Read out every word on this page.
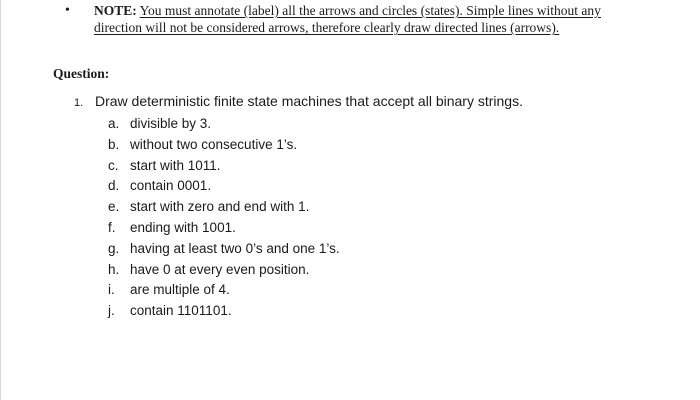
• NOTE: You must annotate (label) all the arrows and circles (states). Simple lines without any direction will not be considered arrows, therefore clearly draw directed lines (arrows).
Question:
1. Draw deterministic finite state machines that accept all binary strings.
a. divisible by 3.
b. without two consecutive 1’s.
c. start with 1011.
d. contain 0001.
e. start with zero and end with 1.
f. ending with 1001.
g. having at least two 0’s and one 1’s.
h. have 0 at every even position.
i. are multiple of 4.
j. contain 1101101.
